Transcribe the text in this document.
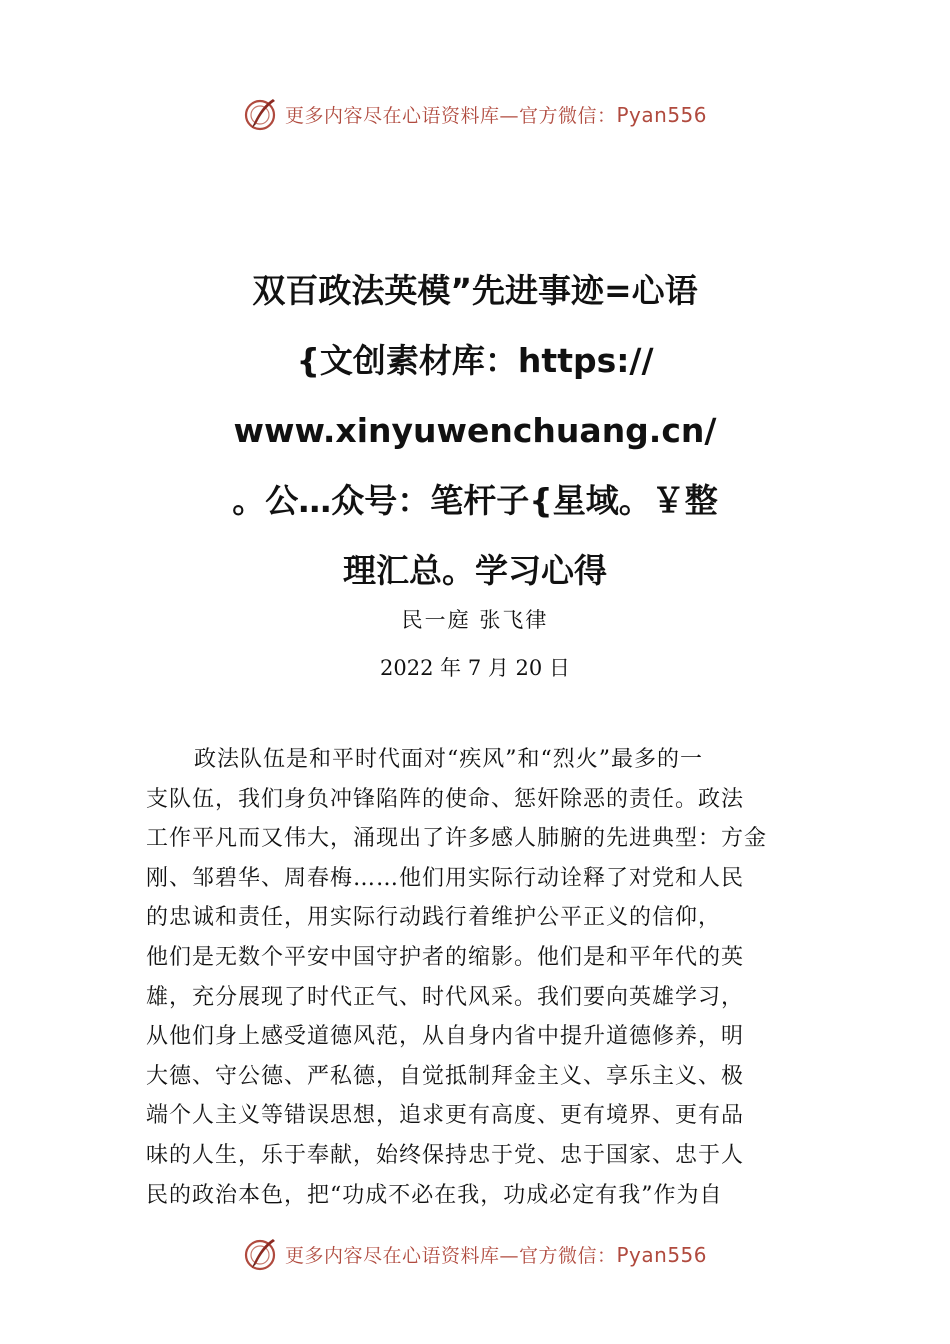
更多内容尽在心语资料库—官方微信：Pyan556
双百政法英模”先进事迹=心语
{文创素材库：https://
www.xinyuwenchuang.cn/
。公…众号：笔杆子{星域。￥整
理汇总。学习心得
民一庭 张飞律
2022 年 7 月 20 日
政法队伍是和平时代面对“疾风”和“烈火”最多的一
支队伍，我们身负冲锋陷阵的使命、惩奸除恶的责任。政法
工作平凡而又伟大，涌现出了许多感人肺腑的先进典型：方金
刚、邹碧华、周春梅……他们用实际行动诠释了对党和人民
的忠诚和责任，用实际行动践行着维护公平正义的信仰，
他们是无数个平安中国守护者的缩影。他们是和平年代的英
雄，充分展现了时代正气、时代风采。我们要向英雄学习，
从他们身上感受道德风范，从自身内省中提升道德修养，明
大德、守公德、严私德，自觉抵制拜金主义、享乐主义、极
端个人主义等错误思想，追求更有高度、更有境界、更有品
味的人生，乐于奉献，始终保持忠于党、忠于国家、忠于人
民的政治本色，把“功成不必在我，功成必定有我”作为自
更多内容尽在心语资料库—官方微信：Pyan556
